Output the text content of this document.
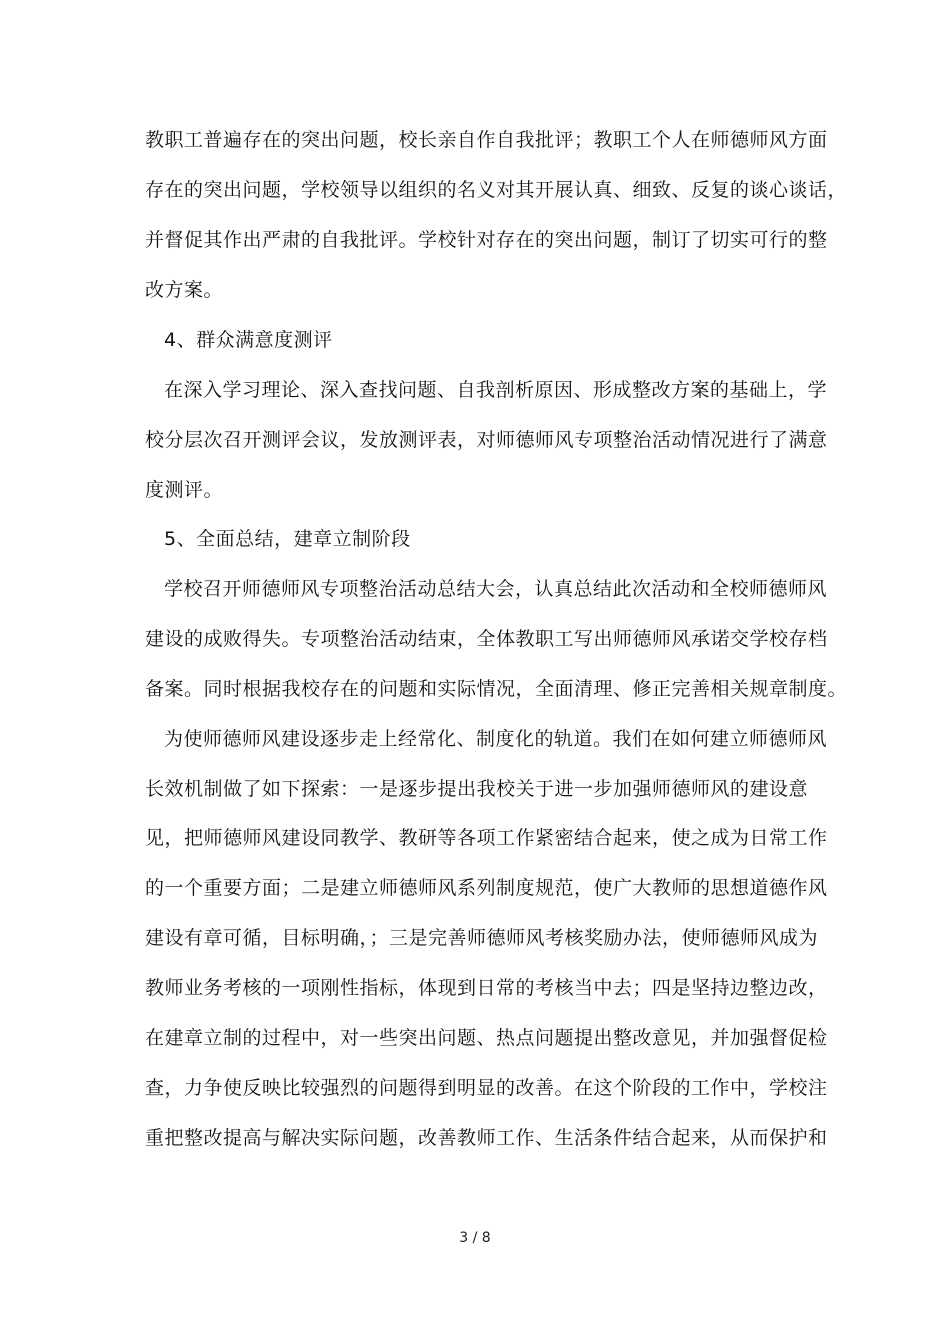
教职工普遍存在的突出问题，校长亲自作自我批评；教职工个人在师德师风方面
存在的突出问题，学校领导以组织的名义对其开展认真、细致、反复的谈心谈话，
并督促其作出严肃的自我批评。学校针对存在的突出问题，制订了切实可行的整
改方案。
4、群众满意度测评
在深入学习理论、深入查找问题、自我剖析原因、形成整改方案的基础上，学
校分层次召开测评会议，发放测评表，对师德师风专项整治活动情况进行了满意
度测评。
5、全面总结，建章立制阶段
学校召开师德师风专项整治活动总结大会，认真总结此次活动和全校师德师风
建设的成败得失。专项整治活动结束，全体教职工写出师德师风承诺交学校存档
备案。同时根据我校存在的问题和实际情况，全面清理、修正完善相关规章制度。
为使师德师风建设逐步走上经常化、制度化的轨道。我们在如何建立师德师风
长效机制做了如下探索：一是逐步提出我校关于进一步加强师德师风的建设意
见，把师德师风建设同教学、教研等各项工作紧密结合起来，使之成为日常工作
的一个重要方面；二是建立师德师风系列制度规范，使广大教师的思想道德作风
建设有章可循，目标明确，；三是完善师德师风考核奖励办法，使师德师风成为
教师业务考核的一项刚性指标，体现到日常的考核当中去；四是坚持边整边改，
在建章立制的过程中，对一些突出问题、热点问题提出整改意见，并加强督促检
查，力争使反映比较强烈的问题得到明显的改善。在这个阶段的工作中，学校注
重把整改提高与解决实际问题，改善教师工作、生活条件结合起来，从而保护和
3 / 8
